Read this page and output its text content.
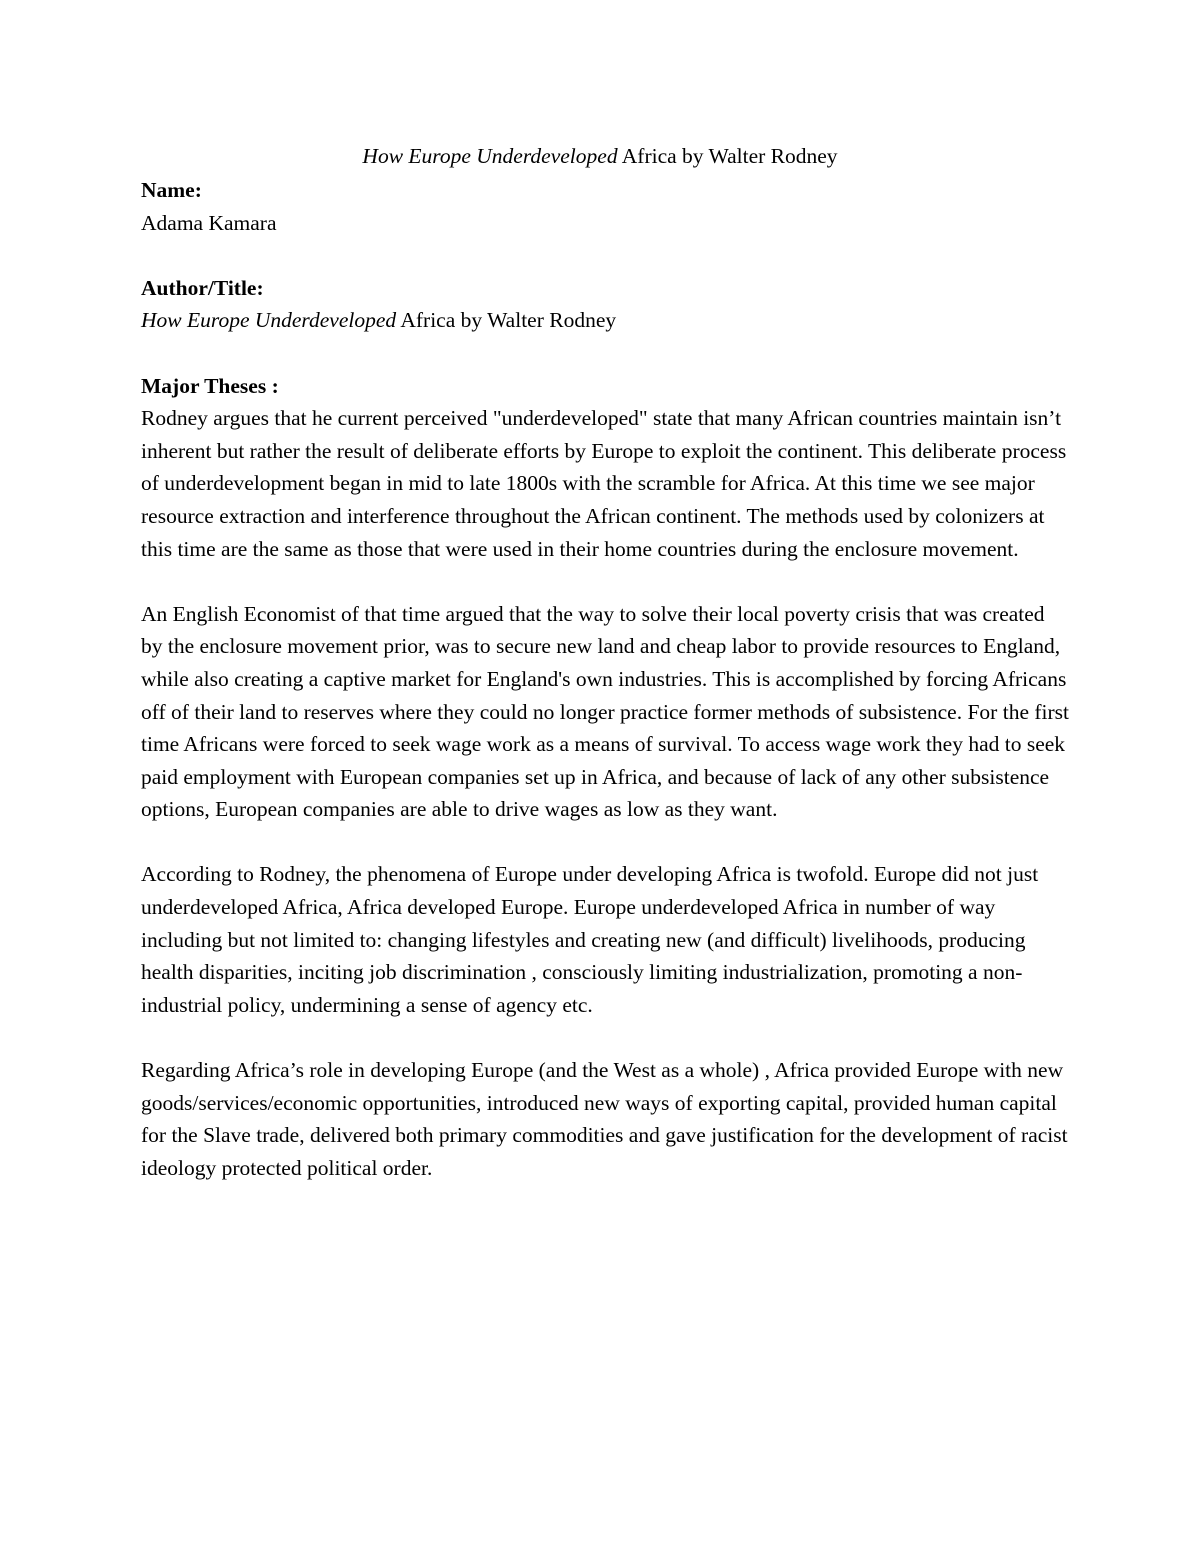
How Europe Underdeveloped Africa by Walter Rodney

Name:

Adama Kamara

Author/Title:

How Europe Underdeveloped Africa by Walter Rodney

Major Theses :

Rodney argues that he current perceived "underdeveloped" state that many African countries maintain isn’t inherent but rather the result of deliberate efforts by Europe to exploit the continent. This deliberate process of underdevelopment began in mid to late 1800s with the scramble for Africa. At this time we see major resource extraction and interference throughout the African continent. The methods used by colonizers at this time are the same as those that were used in their home countries during the enclosure movement.

An English Economist of that time argued that the way to solve their local poverty crisis that was created by the enclosure movement prior, was to secure new land and cheap labor to provide resources to England, while also creating a captive market for England's own industries. This is accomplished by forcing Africans off of their land to reserves where they could no longer practice former methods of subsistence. For the first time Africans were forced to seek wage work as a means of survival. To access wage work they had to seek paid employment with European companies set up in Africa, and because of lack of any other subsistence options, European companies are able to drive wages as low as they want.

According to Rodney, the phenomena of Europe under developing Africa is twofold. Europe did not just underdeveloped Africa, Africa developed Europe. Europe underdeveloped Africa in number of way including but not limited to: changing lifestyles and creating new (and difficult) livelihoods, producing health disparities, inciting job discrimination , consciously limiting industrialization, promoting a non-industrial policy, undermining a sense of agency etc.

Regarding Africa’s role in developing Europe (and the West as a whole) , Africa provided Europe with new goods/services/economic opportunities, introduced new ways of exporting capital, provided human capital for the Slave trade, delivered both primary commodities and gave justification for the development of racist ideology protected political order.
